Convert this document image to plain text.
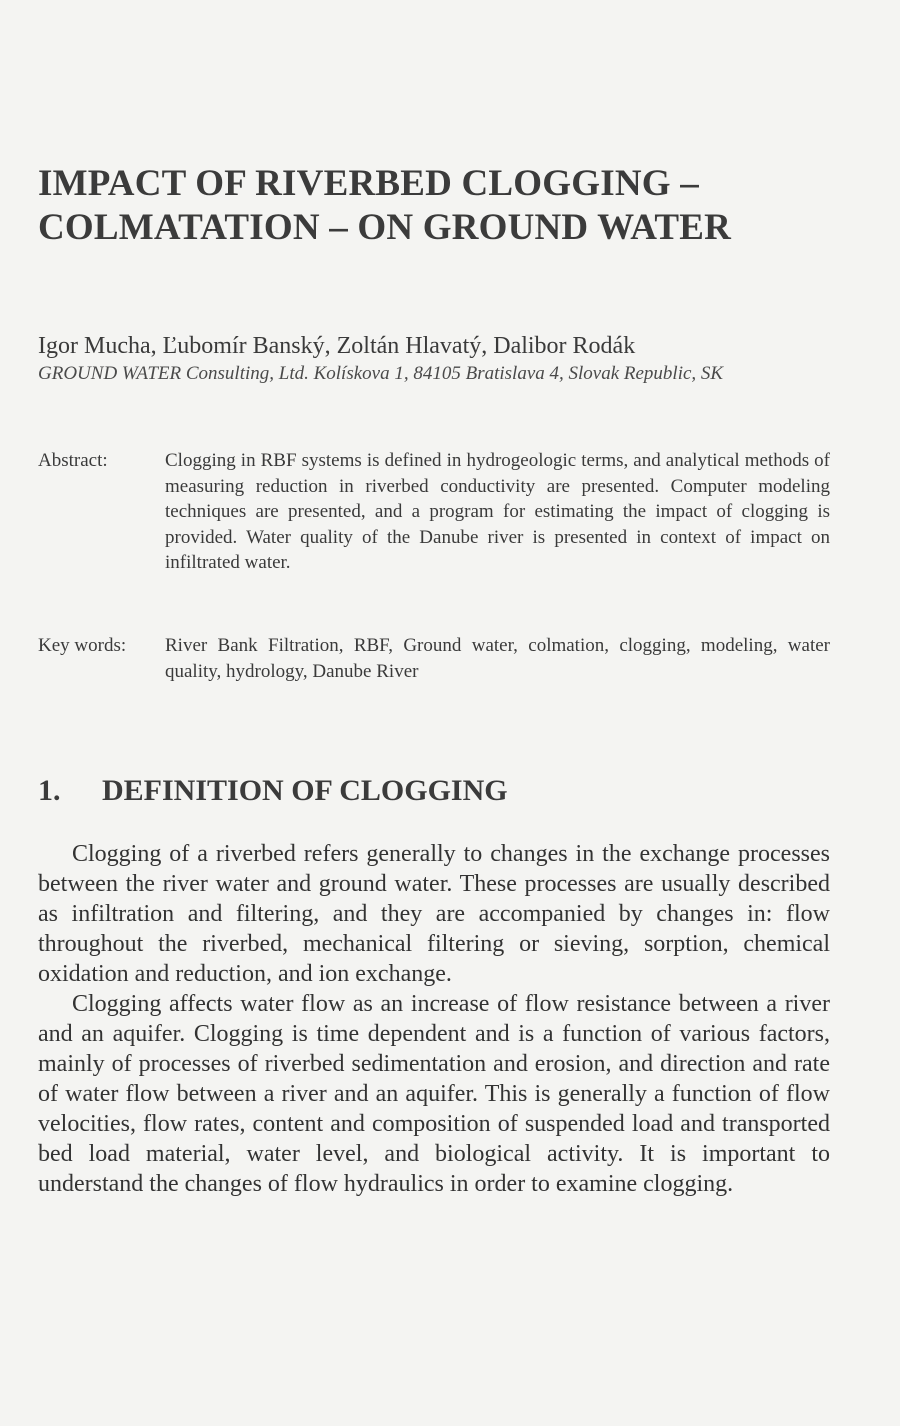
IMPACT OF RIVERBED CLOGGING –
COLMATATION – ON GROUND WATER
Igor Mucha, Ľubomír Banský, Zoltán Hlavatý, Dalibor Rodák
GROUND WATER Consulting, Ltd. Kolískova 1, 84105 Bratislava 4, Slovak Republic, SK
Abstract:	Clogging in RBF systems is defined in hydrogeologic terms, and analytical methods of measuring reduction in riverbed conductivity are presented. Computer modeling techniques are presented, and a program for estimating the impact of clogging is provided. Water quality of the Danube river is presented in context of impact on infiltrated water.

Key words: River Bank Filtration, RBF, Ground water, colmation, clogging, modeling, water quality, hydrology, Danube River

1. DEFINITION OF CLOGGING

Clogging of a riverbed refers generally to changes in the exchange processes between the river water and ground water. These processes are usually described as infiltration and filtering, and they are accompanied by changes in: flow throughout the riverbed, mechanical filtering or sieving, sorption, chemical oxidation and reduction, and ion exchange.

Clogging affects water flow as an increase of flow resistance between a river and an aquifer. Clogging is time dependent and is a function of various factors, mainly of processes of riverbed sedimentation and erosion, and direction and rate of water flow between a river and an aquifer. This is generally a function of flow velocities, flow rates, content and composition of suspended load and transported bed load material, water level, and biological activity. It is important to understand the changes of flow hydraulics in order to examine clogging.
